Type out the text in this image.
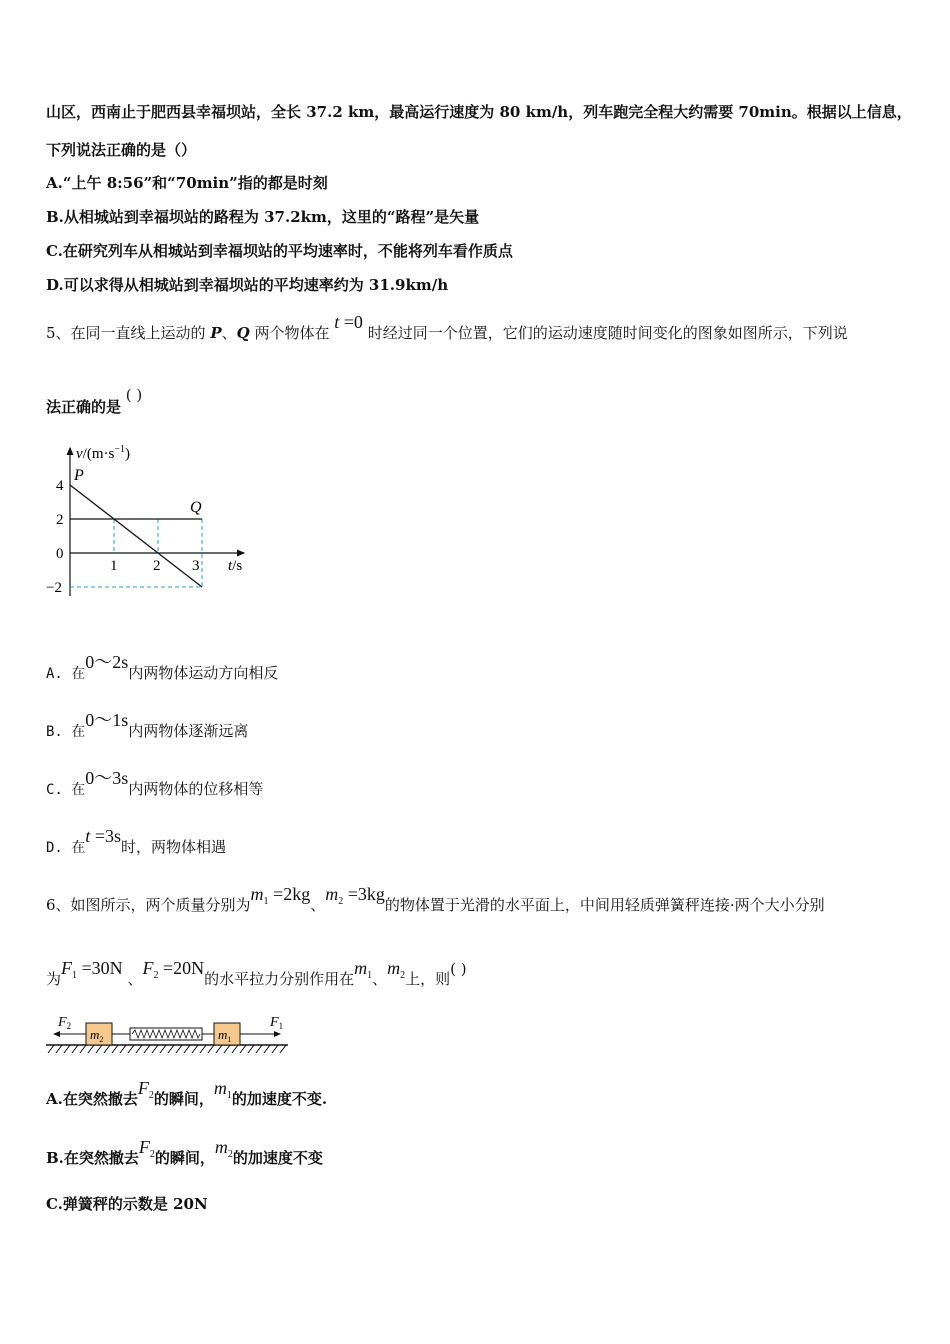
山区，西南止于肥西县幸福坝站，全长 37.2 km，最高运行速度为 80 km/h，列车跑完全程大约需要 70min。根据以上信息，
下列说法正确的是（）
A.“上午 8:56”和“70min”指的都是时刻
B.从相城站到幸福坝站的路程为 37.2km，这里的“路程”是矢量
C.在研究列车从相城站到幸福坝站的平均速率时，不能将列车看作质点
D.可以求得从相城站到幸福坝站的平均速率约为 31.9km/h
5、在同一直线上运动的 P、Q 两个物体在 t =0 时经过同一个位置，它们的运动速度随时间变化的图象如图所示，下列说
法正确的是 ( )
$v/(m\cdot s^{-1})$
P
Q
4
2
0
−2
1 2 3 t/s
A. 在0～2s内两物体运动方向相反
B. 在0～1s内两物体逐渐远离
C. 在0～3s内两物体的位移相等
D. 在t =3s时，两物体相遇
6、如图所示，两个质量分别为$m_1 =2kg$、$m_2 =3kg$的物体置于光滑的水平面上，中间用轻质弹簧秤连接·两个大小分别
为$F_1 =30N$ 、$F_2 =20N$的水平拉力分别作用在$m_1$、$m_2$上，则( )
$m_2$	$m_1$
$F_2$	$F_1$
A.在突然撤去$F_2$的瞬间，$m_1$的加速度不变.
B.在突然撤去$F_2$的瞬间，$m_2$的加速度不变
C.弹簧秤的示数是 20N
